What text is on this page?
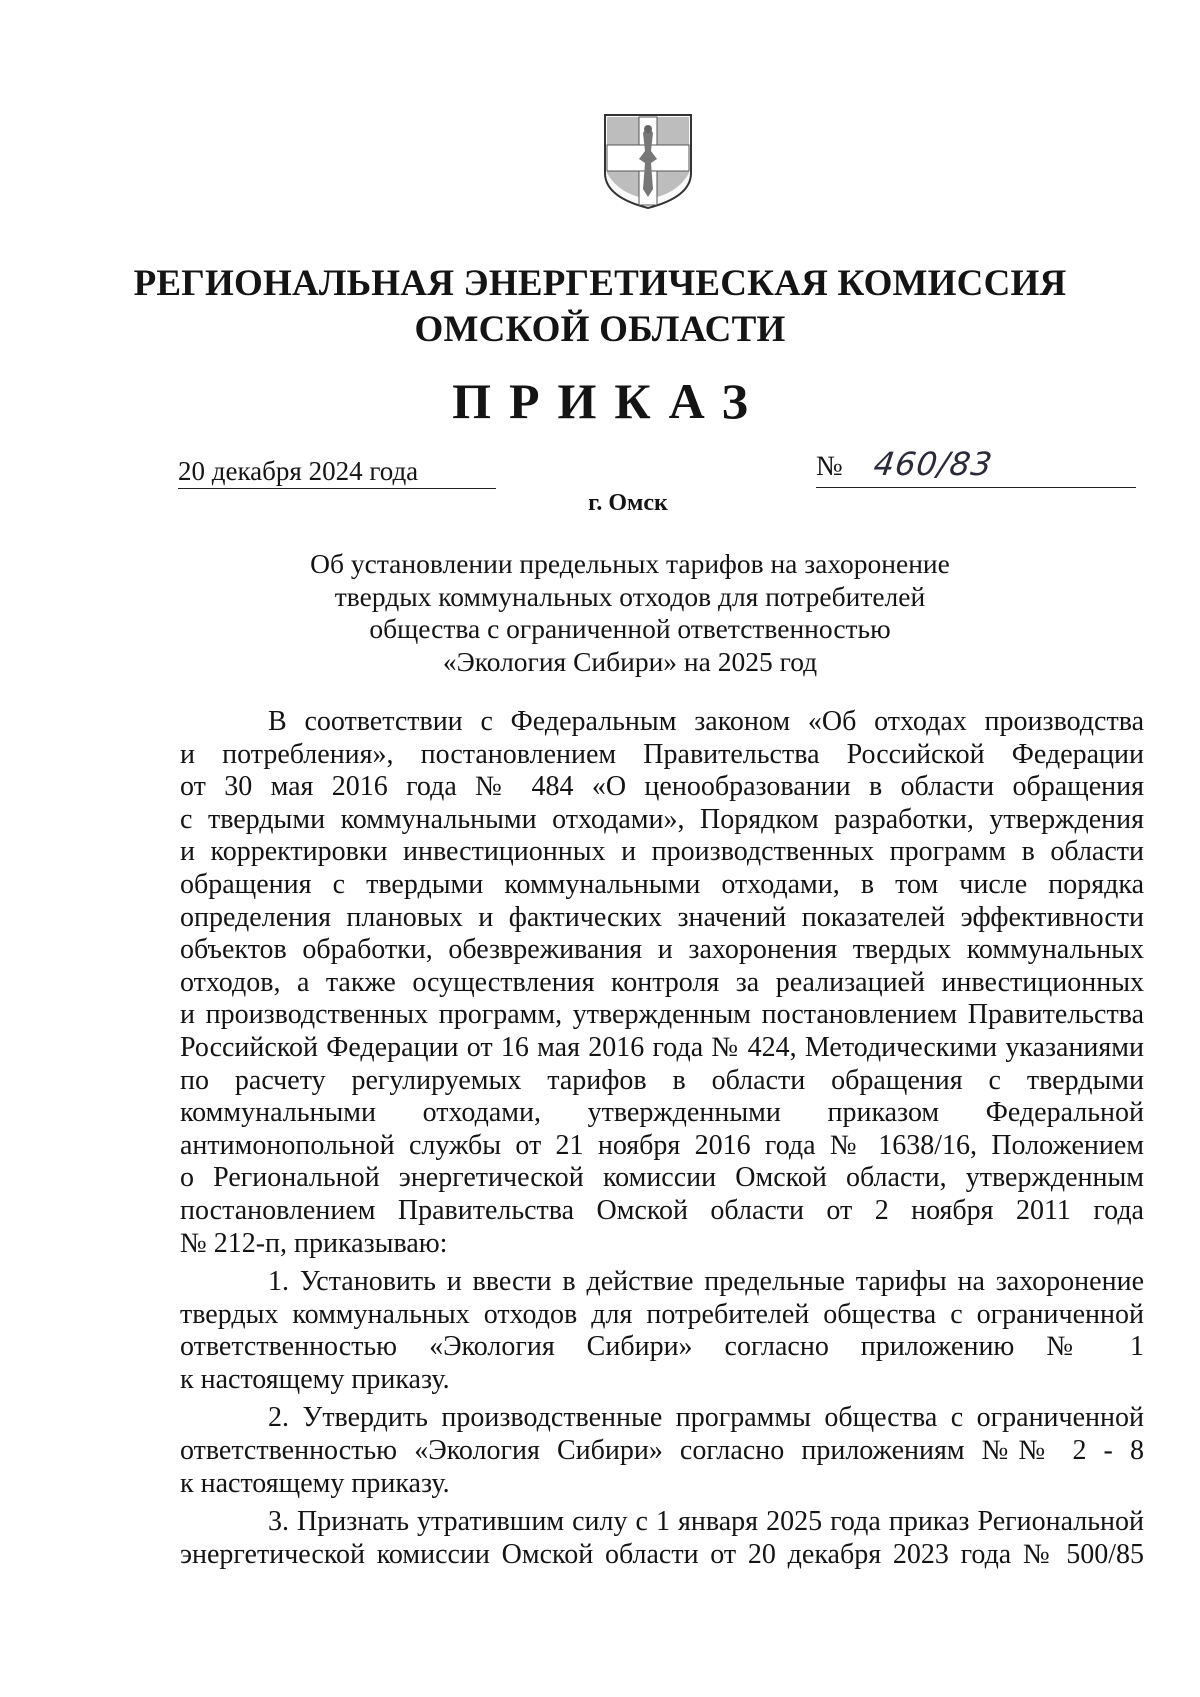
РЕГИОНАЛЬНАЯ ЭНЕРГЕТИЧЕСКАЯ КОМИССИЯ
ОМСКОЙ ОБЛАСТИ
ПРИКАЗ
20 декабря 2024 года	№ 460/83
г. Омск
Об установлении предельных тарифов на захоронение
твердых коммунальных отходов для потребителей
общества с ограниченной ответственностью
«Экология Сибири» на 2025 год
В соответствии с Федеральным законом «Об отходах производства
и потребления», постановлением Правительства Российской Федерации
от 30 мая 2016 года № 484 «О ценообразовании в области обращения
с твердыми коммунальными отходами», Порядком разработки, утверждения
и корректировки инвестиционных и производственных программ в области
обращения с твердыми коммунальными отходами, в том числе порядка
определения плановых и фактических значений показателей эффективности
объектов обработки, обезвреживания и захоронения твердых коммунальных
отходов, а также осуществления контроля за реализацией инвестиционных
и производственных программ, утвержденным постановлением Правительства
Российской Федерации от 16 мая 2016 года № 424, Методическими указаниями
по расчету регулируемых тарифов в области обращения с твердыми
коммунальными отходами, утвержденными приказом Федеральной
антимонопольной службы от 21 ноября 2016 года № 1638/16, Положением
о Региональной энергетической комиссии Омской области, утвержденным
постановлением Правительства Омской области от 2 ноября 2011 года
№ 212-п, приказываю:
1. Установить и ввести в действие предельные тарифы на захоронение
твердых коммунальных отходов для потребителей общества с ограниченной
ответственностью «Экология Сибири» согласно приложению № 1
к настоящему приказу.
2. Утвердить производственные программы общества с ограниченной
ответственностью «Экология Сибири» согласно приложениям №№ 2 - 8
к настоящему приказу.
3. Признать утратившим силу с 1 января 2025 года приказ Региональной
энергетической комиссии Омской области от 20 декабря 2023 года № 500/85
